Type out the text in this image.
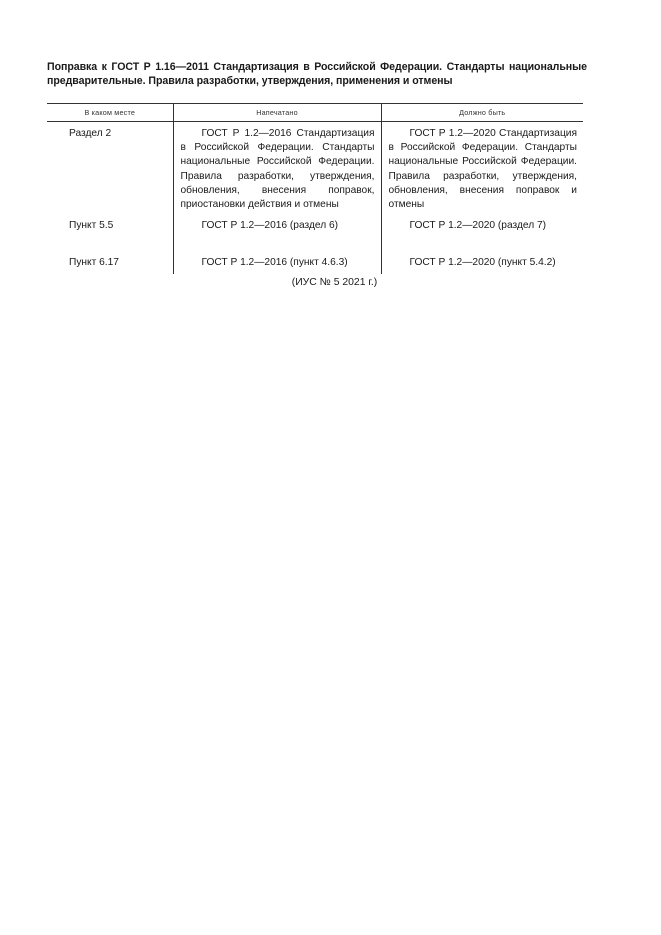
Поправка к ГОСТ Р 1.16—2011 Стандартизация в Российской Федерации. Стандарты национальные предварительные. Правила разработки, утверждения, применения и отмены
В каком месте	Напечатано	Должно быть
Раздел 2	ГОСТ Р 1.2—2016 Стандартизация в Российской Федерации. Стандарты национальные Российской Федерации. Правила разработки, утверждения, обновления, внесения поправок, приостановки действия и отмены	ГОСТ Р 1.2—2020 Стандартизация в Российской Федерации. Стандарты национальные Российской Федерации. Правила разработки, утверждения, обновления, внесения поправок и отмены
Пункт 5.5	ГОСТ Р 1.2—2016 (раздел 6)	ГОСТ Р 1.2—2020 (раздел 7)
Пункт 6.17	ГОСТ Р 1.2—2016 (пункт 4.6.3)	ГОСТ Р 1.2—2020 (пункт 5.4.2)
(ИУС № 5 2021 г.)
